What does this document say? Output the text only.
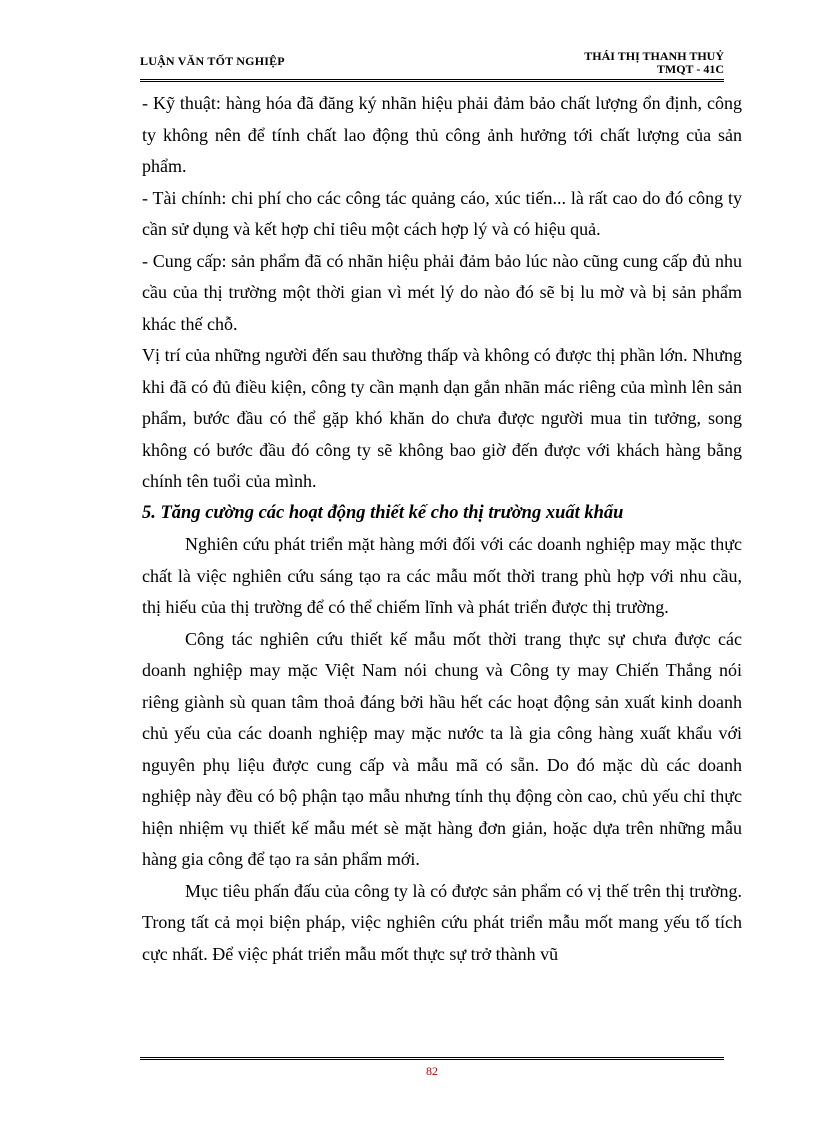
LUẬN VĂN TỐT NGHIỆP	THÁI THỊ THANH THUỶ
TMQT - 41C

- Kỹ thuật: hàng hóa đã đăng ký nhãn hiệu phải đảm bảo chất lượng ổn định, công ty không nên để tính chất lao động thủ công ảnh hưởng tới chất lượng của sản phẩm.

- Tài chính: chi phí cho các công tác quảng cáo, xúc tiến... là rất cao do đó công ty cần sử dụng và kết hợp chỉ tiêu một cách hợp lý và có hiệu quả.

- Cung cấp: sản phẩm đã có nhãn hiệu phải đảm bảo lúc nào cũng cung cấp đủ nhu cầu của thị trường một thời gian vì mét lý do nào đó sẽ bị lu mờ và bị sản phẩm khác thế chỗ.

Vị trí của những người đến sau thường thấp và không có được thị phần lớn. Nhưng khi đã có đủ điều kiện, công ty cần mạnh dạn gắn nhãn mác riêng của mình lên sản phẩm, bước đầu có thể gặp khó khăn do chưa được người mua tin tưởng, song không có bước đầu đó công ty sẽ không bao giờ đến được với khách hàng bằng chính tên tuổi của mình.

5. Tăng cường các hoạt động thiết kế cho thị trường xuất khẩu

Nghiên cứu phát triển mặt hàng mới đối với các doanh nghiệp may mặc thực chất là việc nghiên cứu sáng tạo ra các mẫu mốt thời trang phù hợp với nhu cầu, thị hiếu của thị trường để có thể chiếm lĩnh và phát triển được thị trường.

Công tác nghiên cứu thiết kế mẫu mốt thời trang thực sự chưa được các doanh nghiệp may mặc Việt Nam nói chung và Công ty may Chiến Thắng nói riêng giành sù quan tâm thoả đáng bởi hầu hết các hoạt động sản xuất kinh doanh chủ yếu của các doanh nghiệp may mặc nước ta là gia công hàng xuất khẩu với nguyên phụ liệu được cung cấp và mẫu mã có sẵn. Do đó mặc dù các doanh nghiệp này đều có bộ phận tạo mẫu nhưng tính thụ động còn cao, chủ yếu chỉ thực hiện nhiệm vụ thiết kế mẫu mét sè mặt hàng đơn giản, hoặc dựa trên những mẫu hàng gia công để tạo ra sản phẩm mới.

Mục tiêu phấn đấu của công ty là có được sản phẩm có vị thế trên thị trường. Trong tất cả mọi biện pháp, việc nghiên cứu phát triển mẫu mốt mang yếu tố tích cực nhất. Để việc phát triển mẫu mốt thực sự trở thành vũ

82
